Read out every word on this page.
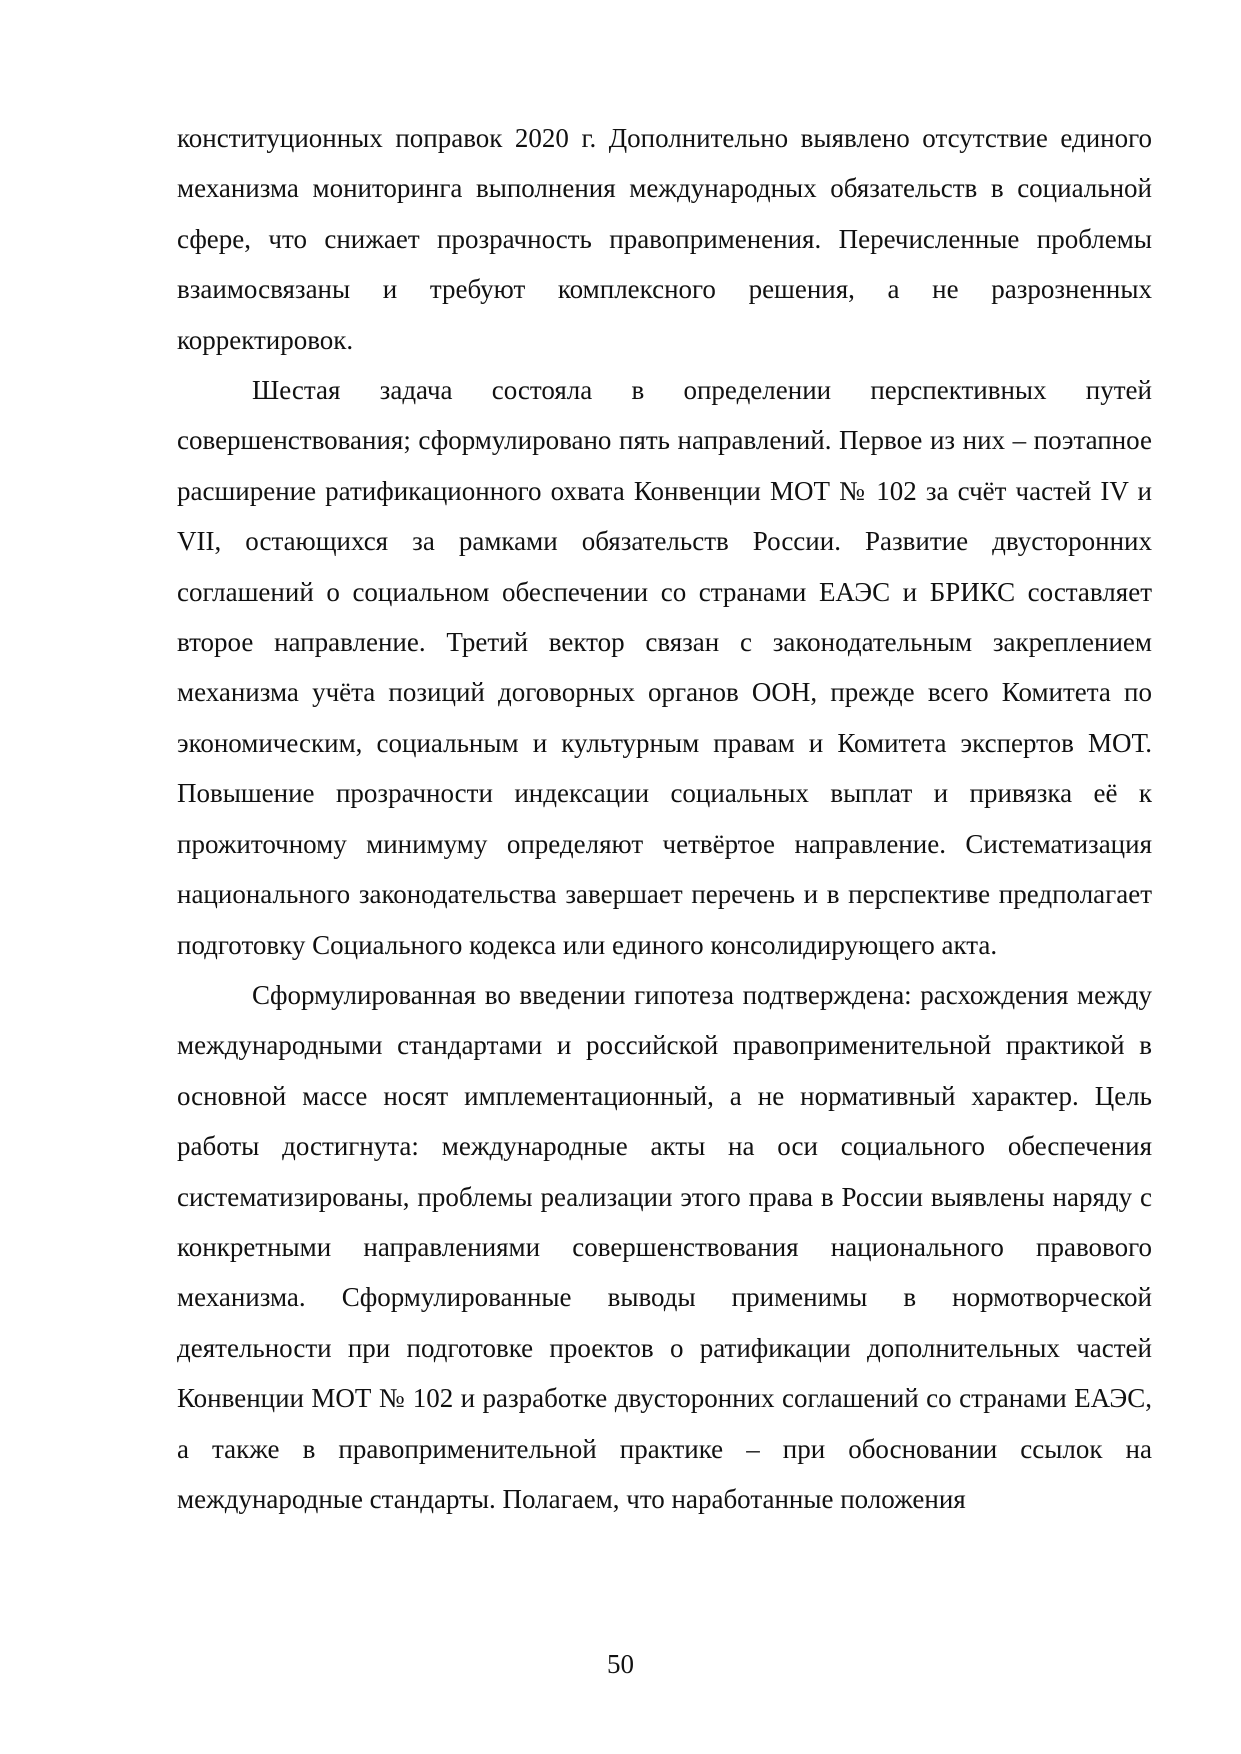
конституционных поправок 2020 г. Дополнительно выявлено отсутствие единого механизма мониторинга выполнения международных обязательств в социальной сфере, что снижает прозрачность правоприменения. Перечисленные проблемы взаимосвязаны и требуют комплексного решения, а не разрозненных корректировок.

Шестая задача состояла в определении перспективных путей совершенствования; сформулировано пять направлений. Первое из них – поэтапное расширение ратификационного охвата Конвенции МОТ № 102 за счёт частей IV и VII, остающихся за рамками обязательств России. Развитие двусторонних соглашений о социальном обеспечении со странами ЕАЭС и БРИКС составляет второе направление. Третий вектор связан с законодательным закреплением механизма учёта позиций договорных органов ООН, прежде всего Комитета по экономическим, социальным и культурным правам и Комитета экспертов МОТ. Повышение прозрачности индексации социальных выплат и привязка её к прожиточному минимуму определяют четвёртое направление. Систематизация национального законодательства завершает перечень и в перспективе предполагает подготовку Социального кодекса или единого консолидирующего акта.

Сформулированная во введении гипотеза подтверждена: расхождения между международными стандартами и российской правоприменительной практикой в основной массе носят имплементационный, а не нормативный характер. Цель работы достигнута: международные акты на оси социального обеспечения систематизированы, проблемы реализации этого права в России выявлены наряду с конкретными направлениями совершенствования национального правового механизма. Сформулированные выводы применимы в нормотворческой деятельности при подготовке проектов о ратификации дополнительных частей Конвенции МОТ № 102 и разработке двусторонних соглашений со странами ЕАЭС, а также в правоприменительной практике – при обосновании ссылок на международные стандарты. Полагаем, что наработанные положения

50
